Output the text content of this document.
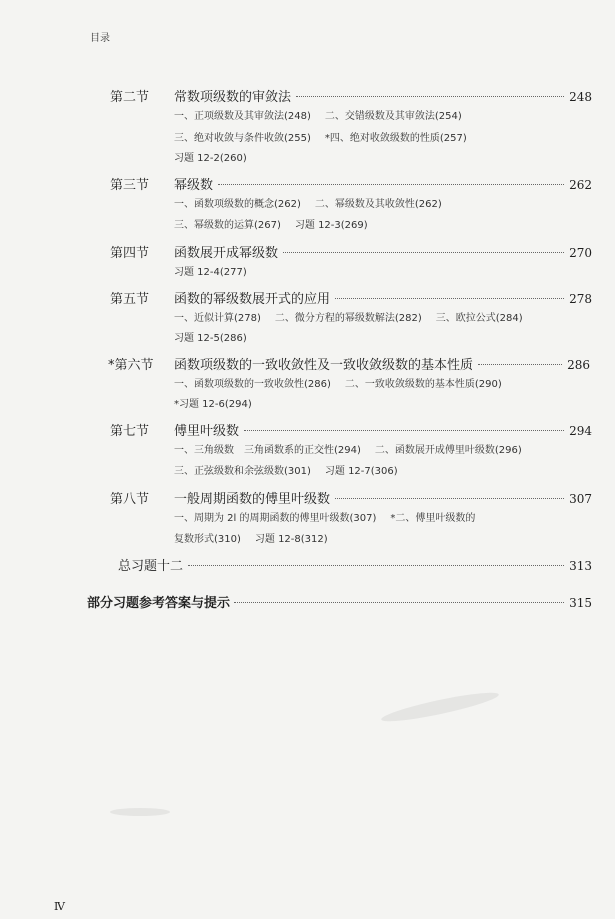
目录
第二节	常数项级数的审敛法	248
一、正项级数及其审敛法(248) 二、交错级数及其审敛法(254)
三、绝对收敛与条件收敛(255) *四、绝对收敛级数的性质(257)
习题 12-2(260)
第三节	幂级数	262
一、函数项级数的概念(262) 二、幂级数及其收敛性(262)
三、幂级数的运算(267) 习题 12-3(269)
第四节	函数展开成幂级数	270
习题 12-4(277)
第五节	函数的幂级数展开式的应用	278
一、近似计算(278) 二、微分方程的幂级数解法(282) 三、欧拉公式(284)
习题 12-5(286)
*第六节	函数项级数的一致收敛性及一致收敛级数的基本性质	286
一、函数项级数的一致收敛性(286) 二、一致收敛级数的基本性质(290)
*习题 12-6(294)
第七节	傅里叶级数	294
一、三角级数　三角函数系的正交性(294) 二、函数展开成傅里叶级数(296)
三、正弦级数和余弦级数(301) 习题 12-7(306)
第八节	一般周期函数的傅里叶级数	307
一、周期为 2l 的周期函数的傅里叶级数(307) *二、傅里叶级数的
复数形式(310) 习题 12-8(312)
总习题十二	313
部分习题参考答案与提示	315
Ⅳ
